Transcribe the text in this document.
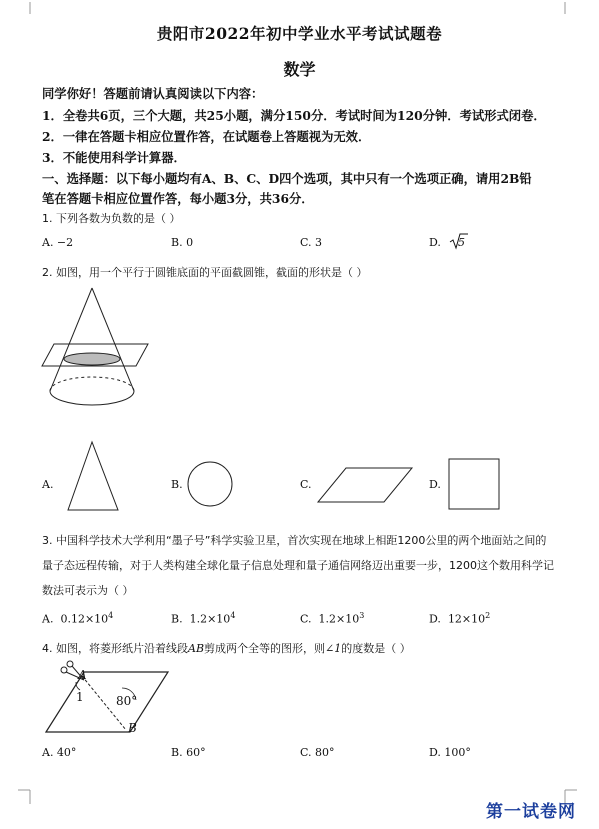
贵阳市2022年初中学业水平考试试题卷
数学
同学你好！答题前请认真阅读以下内容：
1．全卷共6页，三个大题，共25小题，满分150分．考试时间为120分钟．考试形式闭卷．
2．一律在答题卡相应位置作答，在试题卷上答题视为无效．
3．不能使用科学计算器．
一、选择题：以下每小题均有A、B、C、D四个选项，其中只有一个选项正确，请用2B铅
笔在答题卡相应位置作答，每小题3分，共36分．
1. 下列各数为负数的是（ ）
A. −2	B. 0	C. 3	D. 5
2. 如图，用一个平行于圆锥底面的平面截圆锥，截面的形状是（ ）
A.	B.	C.	D.
3. 中国科学技术大学利用“墨子号”科学实验卫星，首次实现在地球上相距1200公里的两个地面站之间的
量子态远程传输，对于人类构建全球化量子信息处理和量子通信网络迈出重要一步，1200这个数用科学记
数法可表示为（ ）
A. $0.12\times 10^4$	B. $1.2\times 10^4$	C. $1.2\times 10^3$	D. $12\times 10^2$
4. 如图，将菱形纸片沿着线段AB剪成两个全等的图形，则∠1的度数是（ ）
A
1	80°
B
A. 40°	B. 60°	C. 80°	D. 100°
第一试卷网
